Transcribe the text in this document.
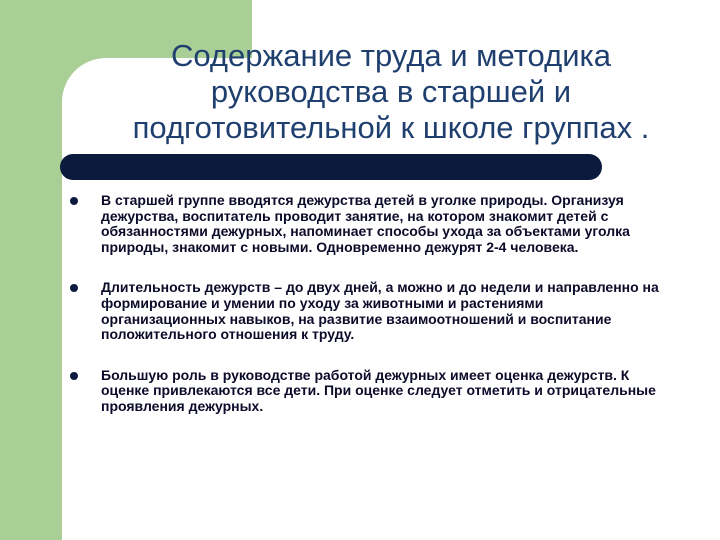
Содержание труда и методика
руководства в старшей и
подготовительной к школе группах .
В старшей группе вводятся дежурства детей в уголке природы. Организуя дежурства, воспитатель проводит занятие, на котором знакомит детей с обязанностями дежурных, напоминает способы ухода за объектами уголка природы, знакомит с новыми. Одновременно дежурят 2-4 человека.
Длительность дежурств – до двух дней, а можно и до недели и направленно на формирование и умении по уходу за животными и растениями организационных навыков, на развитие взаимоотношений и воспитание положительного отношения к труду.
Большую роль в руководстве работой дежурных имеет оценка дежурств. К оценке привлекаются все дети. При оценке следует отметить и отрицательные проявления дежурных.
